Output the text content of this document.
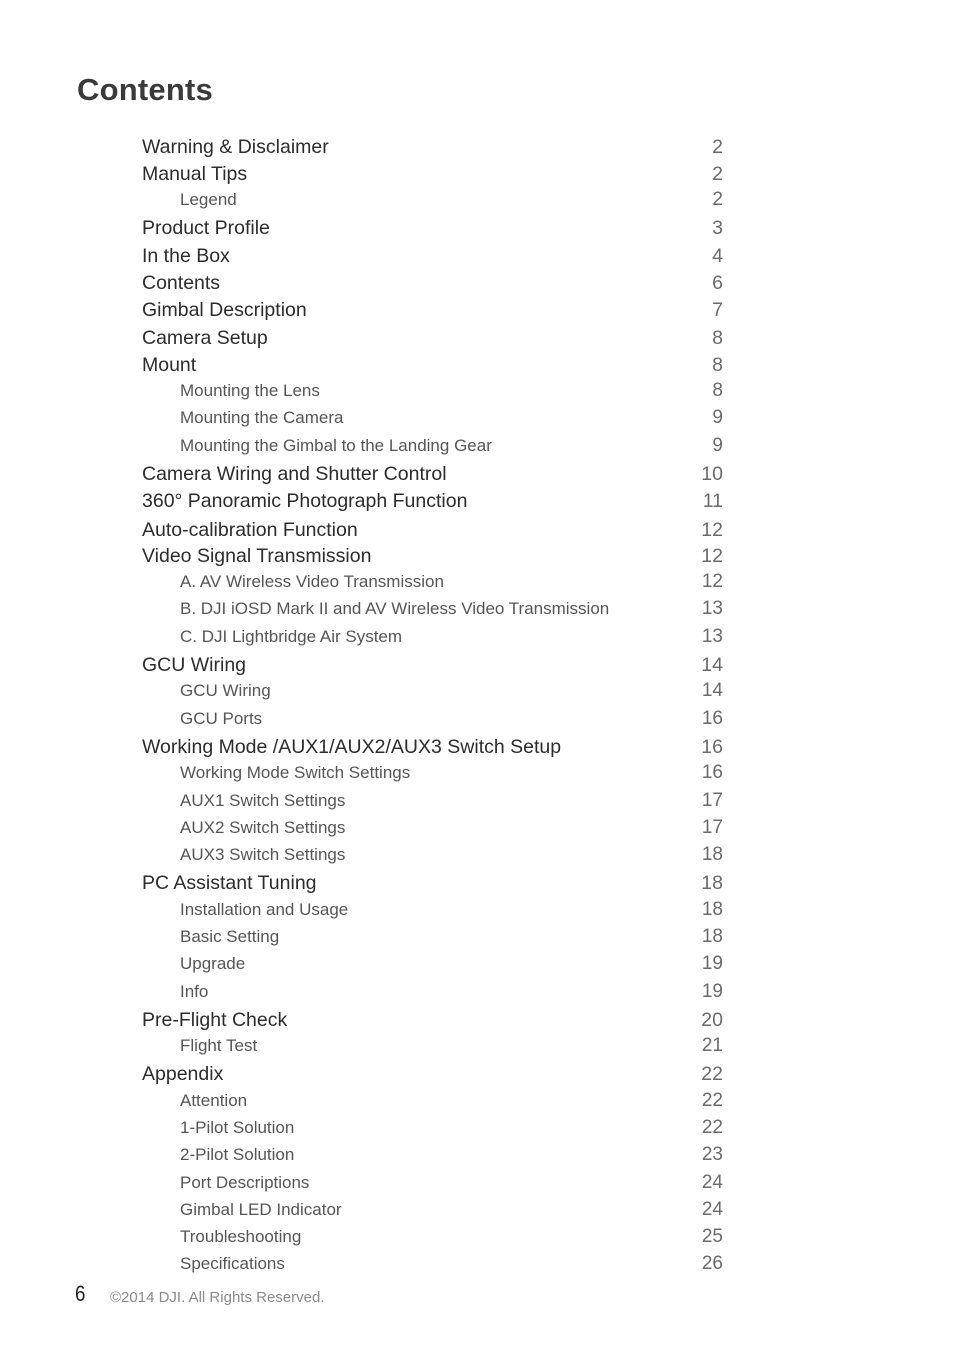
Contents
Warning & Disclaimer	2
Manual Tips	2
Legend	2
Product Profile	3
In the Box	4
Contents	6
Gimbal Description	7
Camera Setup	8
Mount	8
Mounting the Lens	8
Mounting the Camera	9
Mounting the Gimbal to the Landing Gear	9
Camera Wiring and Shutter Control	10
360° Panoramic Photograph Function	11
Auto-calibration Function	12
Video Signal Transmission	12
A. AV Wireless Video Transmission	12
B. DJI iOSD Mark II and AV Wireless Video Transmission	13
C. DJI Lightbridge Air System	13
GCU Wiring	14
GCU Wiring	14
GCU Ports	16
Working Mode /AUX1/AUX2/AUX3 Switch Setup	16
Working Mode Switch Settings	16
AUX1 Switch Settings	17
AUX2 Switch Settings	17
AUX3 Switch Settings	18
PC Assistant Tuning	18
Installation and Usage	18
Basic Setting	18
Upgrade	19
Info	19
Pre-Flight Check	20
Flight Test	21
Appendix	22
Attention	22
1-Pilot Solution	22
2-Pilot Solution	23
Port Descriptions	24
Gimbal LED Indicator	24
Troubleshooting	25
Specifications	26
6 ©2014 DJI. All Rights Reserved.
